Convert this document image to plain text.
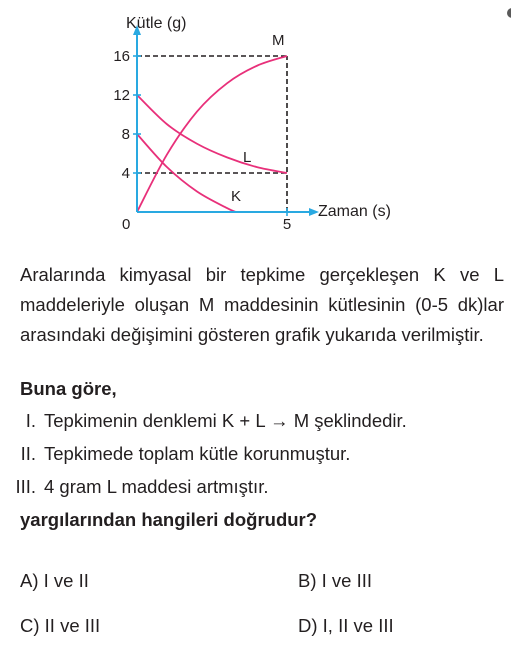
M
L
K
4
8
12
16
5
Kütle (g)
Zaman (s)
0
Aralarında kimyasal bir tepkime gerçekleşen K ve L maddeleriyle oluşan M maddesinin kütlesinin (0-5 dk)lar arasındaki değişimini gösteren grafik yukarıda verilmiştir.
Buna göre,
I. Tepkimenin denklemi K + L → M şeklindedir.
II. Tepkimede toplam kütle korunmuştur.
III. 4 gram L maddesi artmıştır.
yargılarından hangileri doğrudur?
A) I ve II	B) I ve III
C) II ve III	D) I, II ve III
